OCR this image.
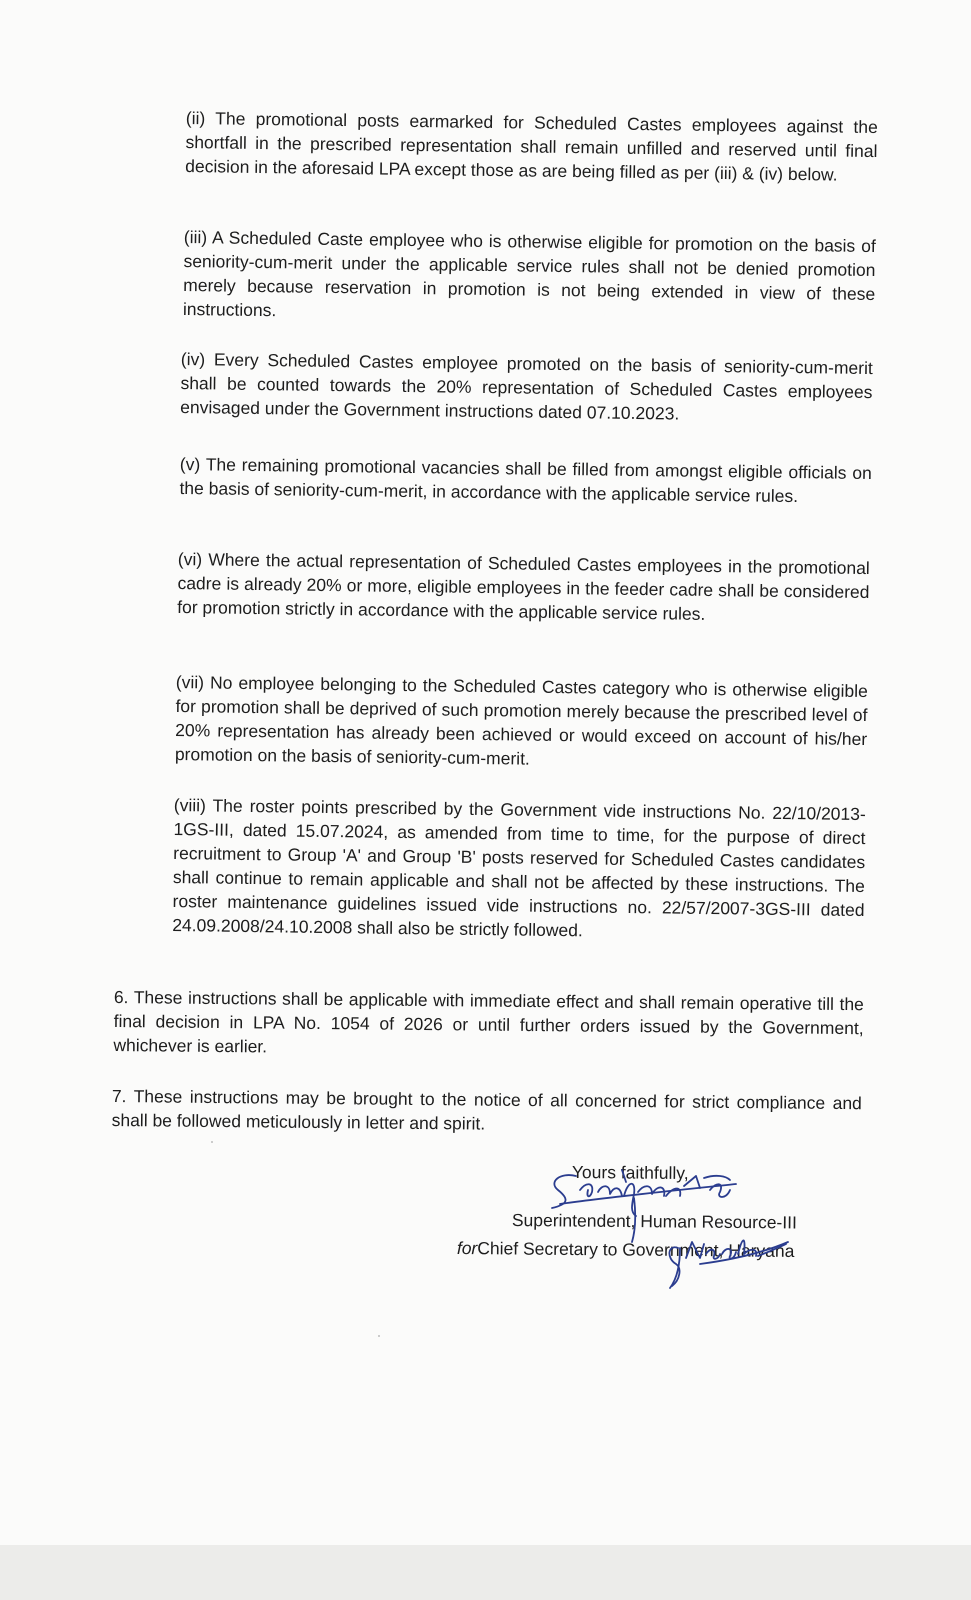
(ii) The promotional posts earmarked for Scheduled Castes employees against the shortfall in the prescribed representation shall remain unfilled and reserved until final decision in the aforesaid LPA except those as are being filled as per (iii) & (iv) below.

(iii) A Scheduled Caste employee who is otherwise eligible for promotion on the basis of seniority-cum-merit under the applicable service rules shall not be denied promotion merely because reservation in promotion is not being extended in view of these instructions.

(iv) Every Scheduled Castes employee promoted on the basis of seniority-cum-merit shall be counted towards the 20% representation of Scheduled Castes employees envisaged under the Government instructions dated 07.10.2023.

(v) The remaining promotional vacancies shall be filled from amongst eligible officials on the basis of seniority-cum-merit, in accordance with the applicable service rules.

(vi) Where the actual representation of Scheduled Castes employees in the promotional cadre is already 20% or more, eligible employees in the feeder cadre shall be considered for promotion strictly in accordance with the applicable service rules.

(vii) No employee belonging to the Scheduled Castes category who is otherwise eligible for promotion shall be deprived of such promotion merely because the prescribed level of 20% representation has already been achieved or would exceed on account of his/her promotion on the basis of seniority-cum-merit.

(viii) The roster points prescribed by the Government vide instructions No. 22/10/2013-1GS-III, dated 15.07.2024, as amended from time to time, for the purpose of direct recruitment to Group 'A' and Group 'B' posts reserved for Scheduled Castes candidates shall continue to remain applicable and shall not be affected by these instructions. The roster maintenance guidelines issued vide instructions no. 22/57/2007-3GS-III dated 24.09.2008/24.10.2008 shall also be strictly followed.

6. These instructions shall be applicable with immediate effect and shall remain operative till the final decision in LPA No. 1054 of 2026 or until further orders issued by the Government, whichever is earlier.

7. These instructions may be brought to the notice of all concerned for strict compliance and shall be followed meticulously in letter and spirit.

Yours faithfully,
Superintendent, Human Resource-III
forChief Secretary to Government, Haryana
